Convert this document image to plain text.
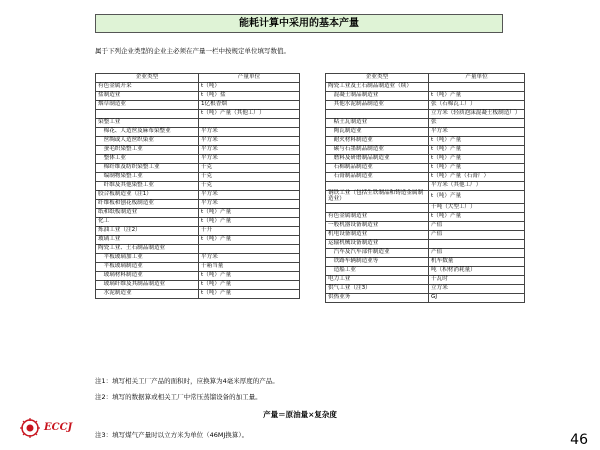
能耗计算中采用的基本产量
属于下列企业类型的企业主必须在产量一栏中按规定单位填写数值。
企业类型	产量单位
有色金属开采	t（吨）
盐制造业	t（吨）盐
烟草制造业	1亿根香烟
	t（吨）产量（其他工厂）
染整工业	
　棉花、人造丝及麻布染整业	平方米
　丝绸或人造丝织染业	平方米
　蚕毛织染整工业	平方米
　整体工业	平方米
　棉纤维及纺织染整工业	千克
　编制物染整工业	千克
　纤维及其他染整工业	千克
胶合板制造业（注1）	平方米
纤维板和刨花板制造业	平方米
纸和纸板制造业	t（吨）产量
化工	t（吨）产量
炼油工业（注2）	千升
玻璃工业	t（吨）产量
陶瓷工业、土石制品制造业	
　平板玻璃加工业	平方米
　平板玻璃制造业	千箱当量
　玻璃材料制造业	t（吨）产量
　玻璃纤维及其制品制造业	t（吨）产量
　水泥制造业	t（吨）产量
企业类型	产量单位
陶瓷工业及土石制品制造业（续）	
　混凝土制品制造业	t（吨）产量
　其他水泥制品制造业	张（石棉瓦工厂）
	立方米（轻质泡沫混凝土板制造厂）
　粘土瓦制造业	张
　陶瓦制造业	平方米
　耐火材料制造业	t（吨）产量
　碳与石墨制品制造业	t（吨）产量
　磨料及研磨制品制造业	t（吨）产量
　石棉制品制造业	t（吨）产量
　石膏制品制造业	t（吨）产量（石膏厂）
	平方米（其他工厂）
钢铁工业（包括生铁制品和铸造金属制造业）	t（吨）产量
	千吨（大型工厂）
有色金属制造业	t（吨）产量
一般机器设备制造业	产值
机电设备制造业	产值
运输机械设备制造业	
　汽车及汽车部件制造业	产值
　铁路车辆制造业等	机车数量
　造船工业	吨（积材消耗量）
电力工业	千瓦时
供气工业（注3）	立方米
供热业务	GJ
注1：填写相关工厂产品的面积时，应换算为4毫米厚度的产品。
注2：填写的数据算或相关工厂中常压蒸馏设备的加工量。
产量＝原油量×复杂度
注3：填写煤气产量时以立方米为单位（46MJ换算）。
ECCJ
46
